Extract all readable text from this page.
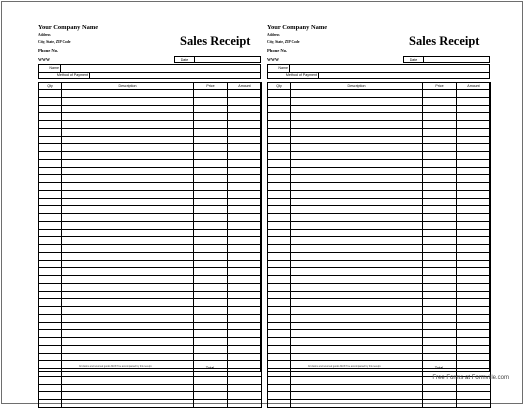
Your Company Name
Address
City, State, ZIP Code
Phone No.
WWW
Sales Receipt
Date
Name
Method of Payment
Qty	Description	Price	Amount

All claims and returned goods MUST be accompanied by this receipt.	Total
Your Company Name
Address
City, State, ZIP Code
Phone No.
WWW
Sales Receipt
Date
Name
Method of Payment
Qty	Description	Price	Amount

All claims and returned goods MUST be accompanied by this receipt.	Total
Free Forms at Formville.com
